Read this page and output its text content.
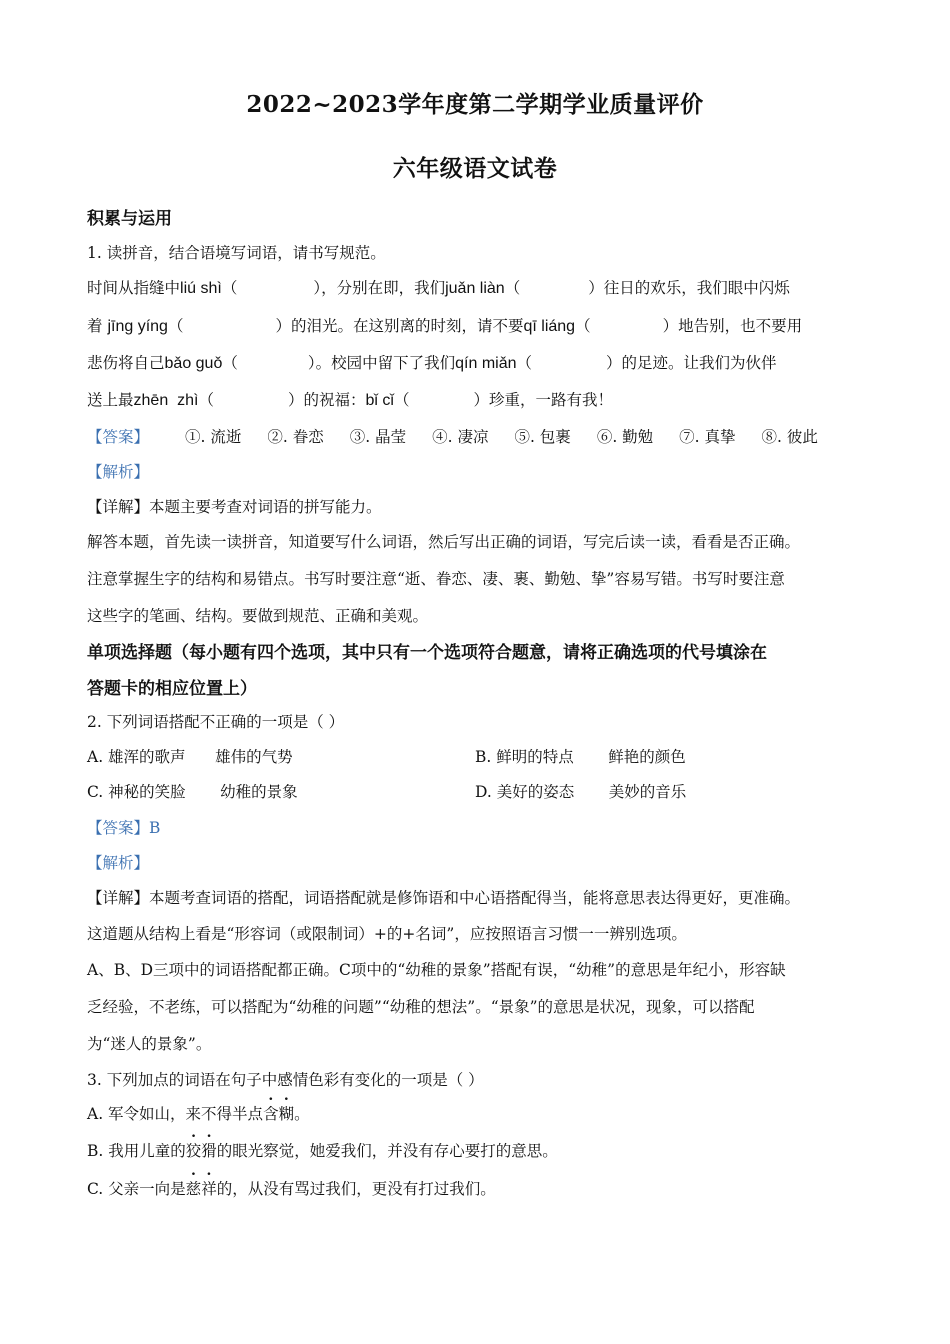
2022~2023学年度第二学期学业质量评价
六年级语文试卷
积累与运用
1. 读拼音，结合语境写词语，请书写规范。
时间从指缝中liú shì（	），分别在即，我们juǎn liàn（	）往日的欢乐，我们眼中闪烁
着 jīng yíng（	）的泪光。在这别离的时刻，请不要qī liáng（	）地告别，也不要用
悲伤将自己bǎo guǒ（	）。校园中留下了我们qín miǎn（	）的足迹。让我们为伙伴
送上最zhēn  zhì（	）的祝福：bǐ cǐ（	）珍重，一路有我！
【答案】 ①. 流逝 ②. 眷恋 ③. 晶莹 ④. 凄凉 ⑤. 包裹 ⑥. 勤勉 ⑦. 真挚 ⑧. 彼此
【解析】
【详解】本题主要考查对词语的拼写能力。
解答本题，首先读一读拼音，知道要写什么词语，然后写出正确的词语，写完后读一读，看看是否正确。
注意掌握生字的结构和易错点。书写时要注意“逝、眷恋、凄、裹、勤勉、挚”容易写错。书写时要注意
这些字的笔画、结构。要做到规范、正确和美观。
单项选择题（每小题有四个选项，其中只有一个选项符合题意，请将正确选项的代号填涂在
答题卡的相应位置上）
2. 下列词语搭配不正确的一项是（ ）
A. 雄浑的歌声      雄伟的气势	B. 鲜明的特点       鲜艳的颜色
C. 神秘的笑脸       幼稚的景象	D. 美好的姿态       美妙的音乐
【答案】B
【解析】
【详解】本题考查词语的搭配，词语搭配就是修饰语和中心语搭配得当，能将意思表达得更好，更准确。
这道题从结构上看是“形容词（或限制词）+的+名词”，应按照语言习惯一一辨别选项。
A、B、D三项中的词语搭配都正确。C项中的“幼稚的景象”搭配有误，“幼稚”的意思是年纪小，形容缺
乏经验，不老练，可以搭配为“幼稚的问题”“幼稚的想法”。“景象”的意思是状况，现象，可以搭配
为“迷人的景象”。
3. 下列加点的词语在句子中感情色彩有变化的一项是（ ）
A. 军令如山，来不得半点含糊。
B. 我用儿童的狡猾的眼光察觉，她爱我们，并没有存心要打的意思。
C. 父亲一向是慈祥的，从没有骂过我们，更没有打过我们。
